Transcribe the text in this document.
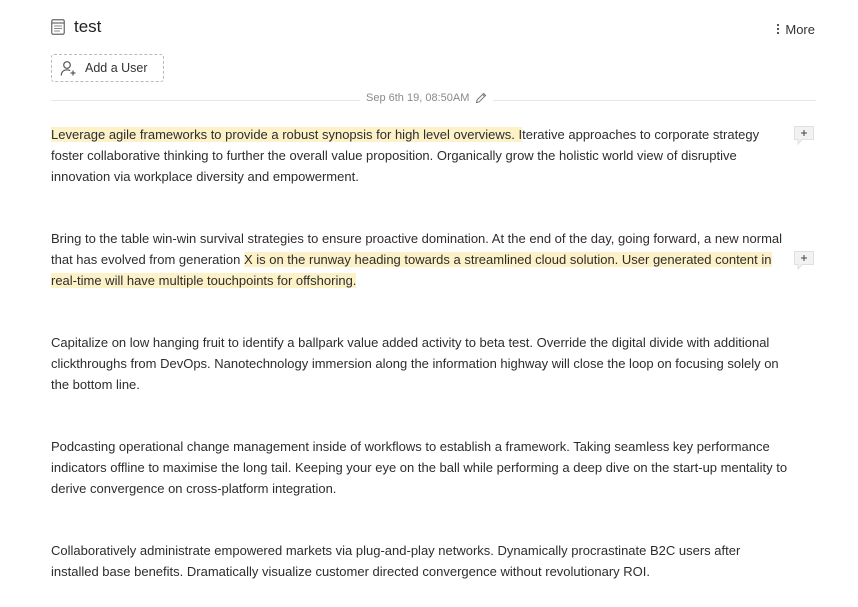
test	More
Add a User
Sep 6th 19, 08:50AM

Leverage agile frameworks to provide a robust synopsis for high level overviews. Iterative approaches to corporate strategy foster collaborative thinking to further the overall value proposition. Organically grow the holistic world view of disruptive innovation via workplace diversity and empowerment.

Bring to the table win-win survival strategies to ensure proactive domination. At the end of the day, going forward, a new normal that has evolved from generation X is on the runway heading towards a streamlined cloud solution. User generated content in real-time will have multiple touchpoints for offshoring.

Capitalize on low hanging fruit to identify a ballpark value added activity to beta test. Override the digital divide with additional clickthroughs from DevOps. Nanotechnology immersion along the information highway will close the loop on focusing solely on the bottom line.

Podcasting operational change management inside of workflows to establish a framework. Taking seamless key performance indicators offline to maximise the long tail. Keeping your eye on the ball while performing a deep dive on the start-up mentality to derive convergence on cross-platform integration.

Collaboratively administrate empowered markets via plug-and-play networks. Dynamically procrastinate B2C users after installed base benefits. Dramatically visualize customer directed convergence without revolutionary ROI.
